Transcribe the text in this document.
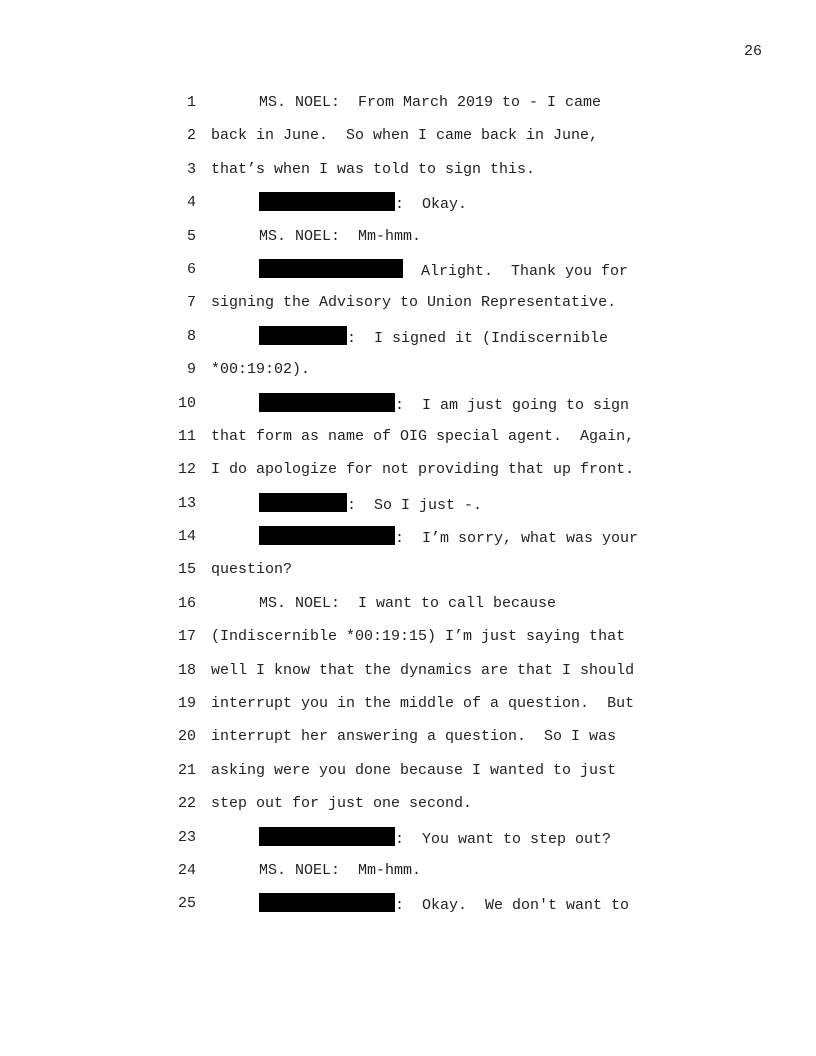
26
1	MS. NOEL:  From March 2019 to - I came
2 back in June.  So when I came back in June,
3 that’s when I was told to sign this.
4	:  Okay.
5	MS. NOEL:  Mm-hmm.
6	Alright.  Thank you for
7 signing the Advisory to Union Representative.
8	:  I signed it (Indiscernible
9 *00:19:02).
10	:  I am just going to sign
11 that form as name of OIG special agent.  Again,
12 I do apologize for not providing that up front.
13	:  So I just -.
14	:  I’m sorry, what was your
15 question?
16	MS. NOEL:  I want to call because
17 (Indiscernible *00:19:15) I’m just saying that
18 well I know that the dynamics are that I should
19 interrupt you in the middle of a question.  But
20 interrupt her answering a question.  So I was
21 asking were you done because I wanted to just
22 step out for just one second.
23	:  You want to step out?
24	MS. NOEL:  Mm-hmm.
25	:  Okay.  We don't want to
